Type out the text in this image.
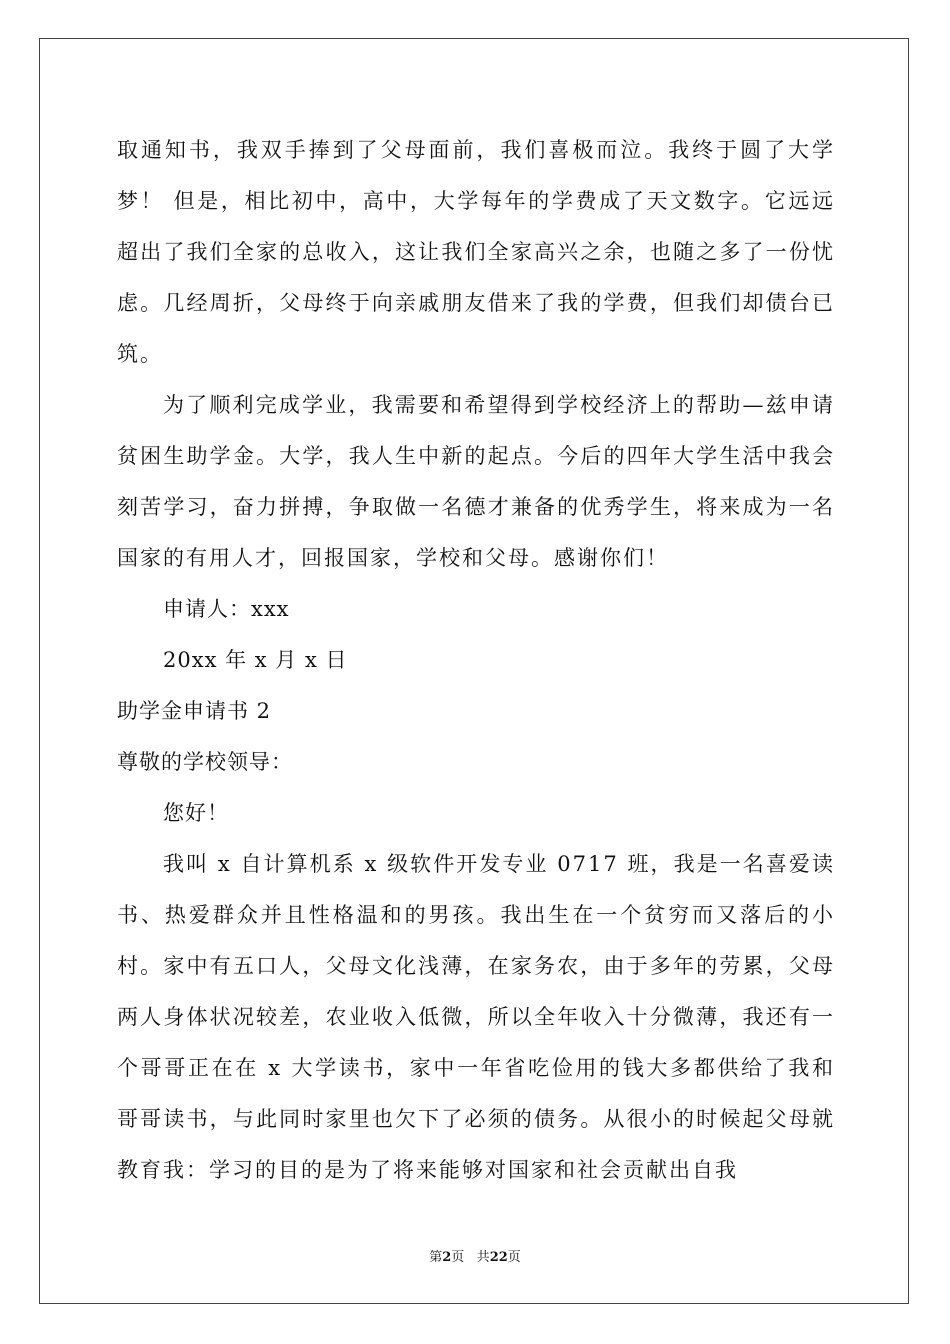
取通知书，我双手捧到了父母面前，我们喜极而泣。我终于圆了大学梦！ 但是，相比初中，高中，大学每年的学费成了天文数字。它远远超出了我们全家的总收入，这让我们全家高兴之余，也随之多了一份忧虑。几经周折，父母终于向亲戚朋友借来了我的学费，但我们却债台已筑。

为了顺利完成学业，我需要和希望得到学校经济上的帮助—兹申请贫困生助学金。大学，我人生中新的起点。今后的四年大学生活中我会刻苦学习，奋力拼搏，争取做一名德才兼备的优秀学生，将来成为一名国家的有用人才，回报国家，学校和父母。感谢你们！

申请人：xxx

20xx 年 x 月 x 日

助学金申请书 2

尊敬的学校领导：

您好！

我叫 x 自计算机系 x 级软件开发专业 0717 班，我是一名喜爱读书、热爱群众并且性格温和的男孩。我出生在一个贫穷而又落后的小村。家中有五口人，父母文化浅薄，在家务农，由于多年的劳累，父母两人身体状况较差，农业收入低微，所以全年收入十分微薄，我还有一个哥哥正在在 x 大学读书，家中一年省吃俭用的钱大多都供给了我和哥哥读书，与此同时家里也欠下了必须的债务。从很小的时候起父母就教育我：学习的目的是为了将来能够对国家和社会贡献出自我

第2页 共22页
